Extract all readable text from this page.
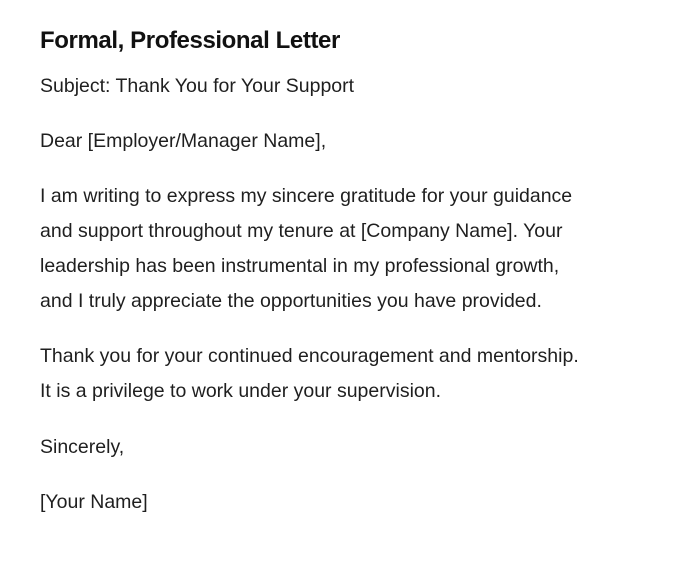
Formal, Professional Letter

Subject: Thank You for Your Support

Dear [Employer/Manager Name],

I am writing to express my sincere gratitude for your guidance
and support throughout my tenure at [Company Name]. Your
leadership has been instrumental in my professional growth,
and I truly appreciate the opportunities you have provided.

Thank you for your continued encouragement and mentorship.
It is a privilege to work under your supervision.

Sincerely,

[Your Name]
